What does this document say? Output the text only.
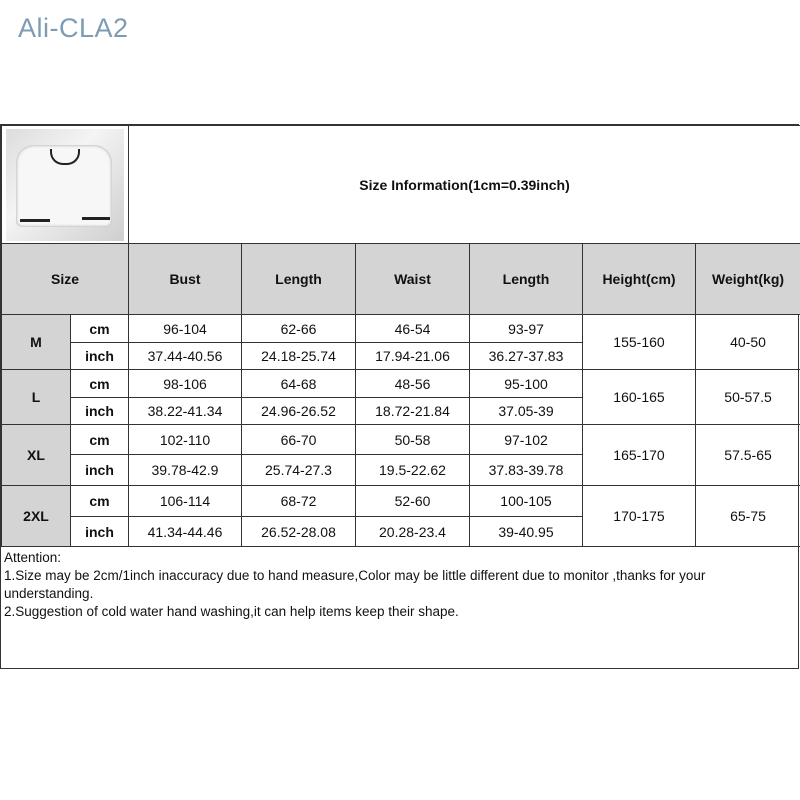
Ali-CLA2
		Size Information(1cm=0.39inch)					
Size		Bust	Length	Waist	Length	Height(cm)	Weight(kg)
M	cm	96-104	62-66	46-54	93-97	155-160	40-50
	inch	37.44-40.56	24.18-25.74	17.94-21.06	36.27-37.83		
L	cm	98-106	64-68	48-56	95-100	160-165	50-57.5
	inch	38.22-41.34	24.96-26.52	18.72-21.84	37.05-39		
XL	cm	102-110	66-70	50-58	97-102	165-170	57.5-65
	inch	39.78-42.9	25.74-27.3	19.5-22.62	37.83-39.78		
2XL	cm	106-114	68-72	52-60	100-105	170-175	65-75
	inch	41.34-44.46	26.52-28.08	20.28-23.4	39-40.95		
Attention:
1.Size may be 2cm/1inch inaccuracy due to hand measure,Color may be little different due to monitor ,thanks for your understanding.
2.Suggestion of cold water hand washing,it can help items keep their shape.
